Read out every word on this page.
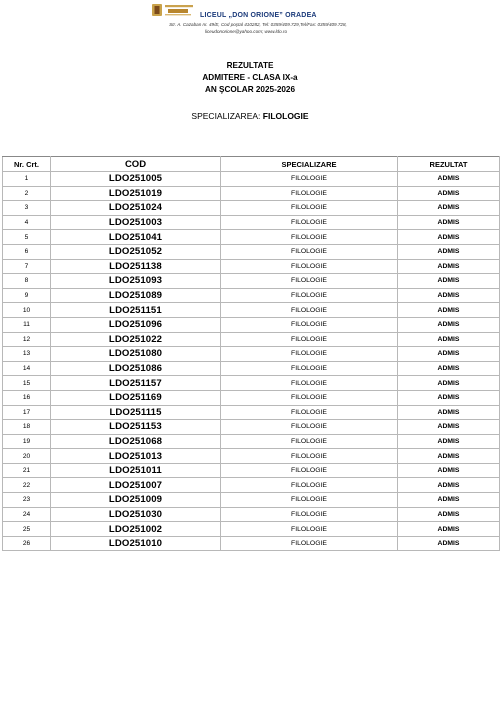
LICEUL „DON ORIONE” ORADEA
Str. A. Cazaban nr. 49/E, Cod poştal 410282, Tel: 0359/409.729,Tel/Fax: 0359/409.728,
liceudonorione@yahoo.com; www.ldo.ro
REZULTATE
ADMITERE - CLASA IX-a
AN ŞCOLAR 2025-2026
SPECIALIZAREA: FILOLOGIE
Nr. Crt.	COD	SPECIALIZARE	REZULTAT
1	LDO251005	FILOLOGIE	ADMIS
2	LDO251019	FILOLOGIE	ADMIS
3	LDO251024	FILOLOGIE	ADMIS
4	LDO251003	FILOLOGIE	ADMIS
5	LDO251041	FILOLOGIE	ADMIS
6	LDO251052	FILOLOGIE	ADMIS
7	LDO251138	FILOLOGIE	ADMIS
8	LDO251093	FILOLOGIE	ADMIS
9	LDO251089	FILOLOGIE	ADMIS
10	LDO251151	FILOLOGIE	ADMIS
11	LDO251096	FILOLOGIE	ADMIS
12	LDO251022	FILOLOGIE	ADMIS
13	LDO251080	FILOLOGIE	ADMIS
14	LDO251086	FILOLOGIE	ADMIS
15	LDO251157	FILOLOGIE	ADMIS
16	LDO251169	FILOLOGIE	ADMIS
17	LDO251115	FILOLOGIE	ADMIS
18	LDO251153	FILOLOGIE	ADMIS
19	LDO251068	FILOLOGIE	ADMIS
20	LDO251013	FILOLOGIE	ADMIS
21	LDO251011	FILOLOGIE	ADMIS
22	LDO251007	FILOLOGIE	ADMIS
23	LDO251009	FILOLOGIE	ADMIS
24	LDO251030	FILOLOGIE	ADMIS
25	LDO251002	FILOLOGIE	ADMIS
26	LDO251010	FILOLOGIE	ADMIS
